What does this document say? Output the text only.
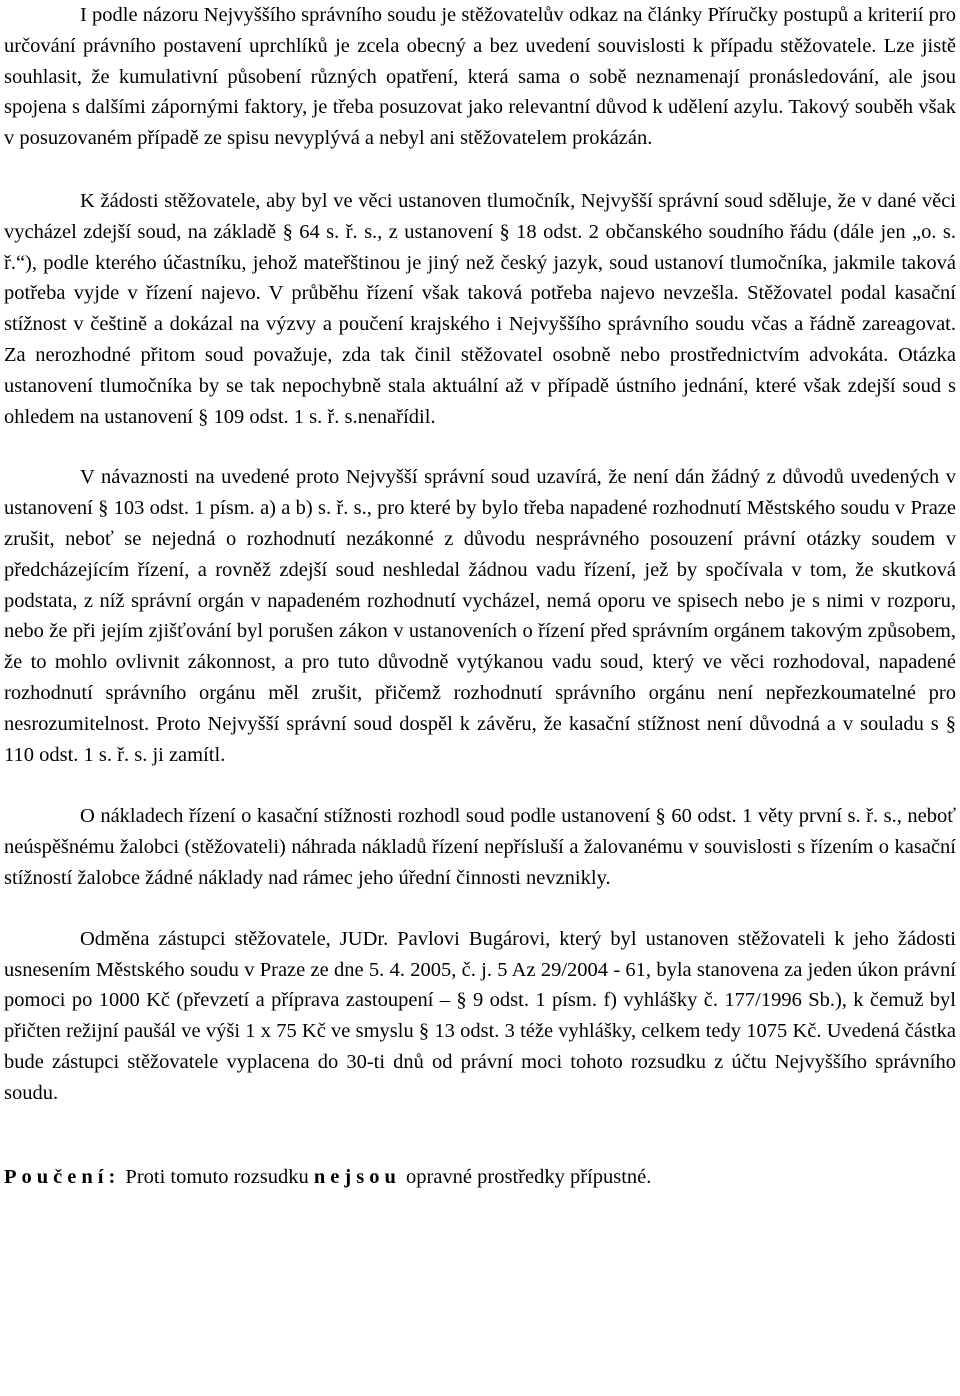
I podle názoru Nejvyššího správního soudu je stěžovatelův odkaz na články Příručky postupů a kriterií pro určování právního postavení uprchlíků je zcela obecný a bez uvedení souvislosti k případu stěžovatele. Lze jistě souhlasit, že kumulativní působení různých opatření, která sama o sobě neznamenají pronásledování, ale jsou spojena s dalšími zápornými faktory, je třeba posuzovat jako relevantní důvod k udělení azylu. Takový souběh však v posuzovaném případě ze spisu nevyplývá a nebyl ani stěžovatelem prokázán.

K žádosti stěžovatele, aby byl ve věci ustanoven tlumočník, Nejvyšší správní soud sděluje, že v dané věci vycházel zdejší soud, na základě § 64 s. ř. s., z ustanovení § 18 odst. 2 občanského soudního řádu (dále jen „o. s. ř.“), podle kterého účastníku, jehož mateřštinou je jiný než český jazyk, soud ustanoví tlumočníka, jakmile taková potřeba vyjde v řízení najevo. V průběhu řízení však taková potřeba najevo nevzešla. Stěžovatel podal kasační stížnost v češtině a dokázal na výzvy a poučení krajského i Nejvyššího správního soudu včas a řádně zareagovat. Za nerozhodné přitom soud považuje, zda tak činil stěžovatel osobně nebo prostřednictvím advokáta. Otázka ustanovení tlumočníka by se tak nepochybně stala aktuální až v případě ústního jednání, které však zdejší soud s ohledem na ustanovení § 109 odst. 1 s. ř. s.nenařídil.

V návaznosti na uvedené proto Nejvyšší správní soud uzavírá, že není dán žádný z důvodů uvedených v ustanovení § 103 odst. 1 písm. a) a b) s. ř. s., pro které by bylo třeba napadené rozhodnutí Městského soudu v Praze zrušit, neboť se nejedná o rozhodnutí nezákonné z důvodu nesprávného posouzení právní otázky soudem v předcházejícím řízení, a rovněž zdejší soud neshledal žádnou vadu řízení, jež by spočívala v tom, že skutková podstata, z níž správní orgán v napadeném rozhodnutí vycházel, nemá oporu ve spisech nebo je s nimi v rozporu, nebo že při jejím zjišťování byl porušen zákon v ustanoveních o řízení před správním orgánem takovým způsobem, že to mohlo ovlivnit zákonnost, a pro tuto důvodně vytýkanou vadu soud, který ve věci rozhodoval, napadené rozhodnutí správního orgánu měl zrušit, přičemž rozhodnutí správního orgánu není nepřezkoumatelné pro nesrozumitelnost. Proto Nejvyšší správní soud dospěl k závěru, že kasační stížnost není důvodná a v souladu s § 110 odst. 1 s. ř. s. ji zamítl.

O nákladech řízení o kasační stížnosti rozhodl soud podle ustanovení § 60 odst. 1 věty první s. ř. s., neboť neúspěšnému žalobci (stěžovateli) náhrada nákladů řízení nepřísluší a žalovanému v souvislosti s řízením o kasační stížností žalobce žádné náklady nad rámec jeho úřední činnosti nevznikly.

Odměna zástupci stěžovatele, JUDr. Pavlovi Bugárovi, který byl ustanoven stěžovateli k jeho žádosti usnesením Městského soudu v Praze ze dne 5. 4. 2005, č. j. 5 Az 29/2004 - 61, byla stanovena za jeden úkon právní pomoci po 1000 Kč (převzetí a příprava zastoupení – § 9 odst. 1 písm. f) vyhlášky č. 177/1996 Sb.), k čemuž byl přičten režijní paušál ve výši 1 x 75 Kč ve smyslu § 13 odst. 3 téže vyhlášky, celkem tedy 1075 Kč. Uvedená částka bude zástupci stěžovatele vyplacena do 30-ti dnů od právní moci tohoto rozsudku z účtu Nejvyššího správního soudu.

Poučení: Proti tomuto rozsudku nejsou opravné prostředky přípustné.
